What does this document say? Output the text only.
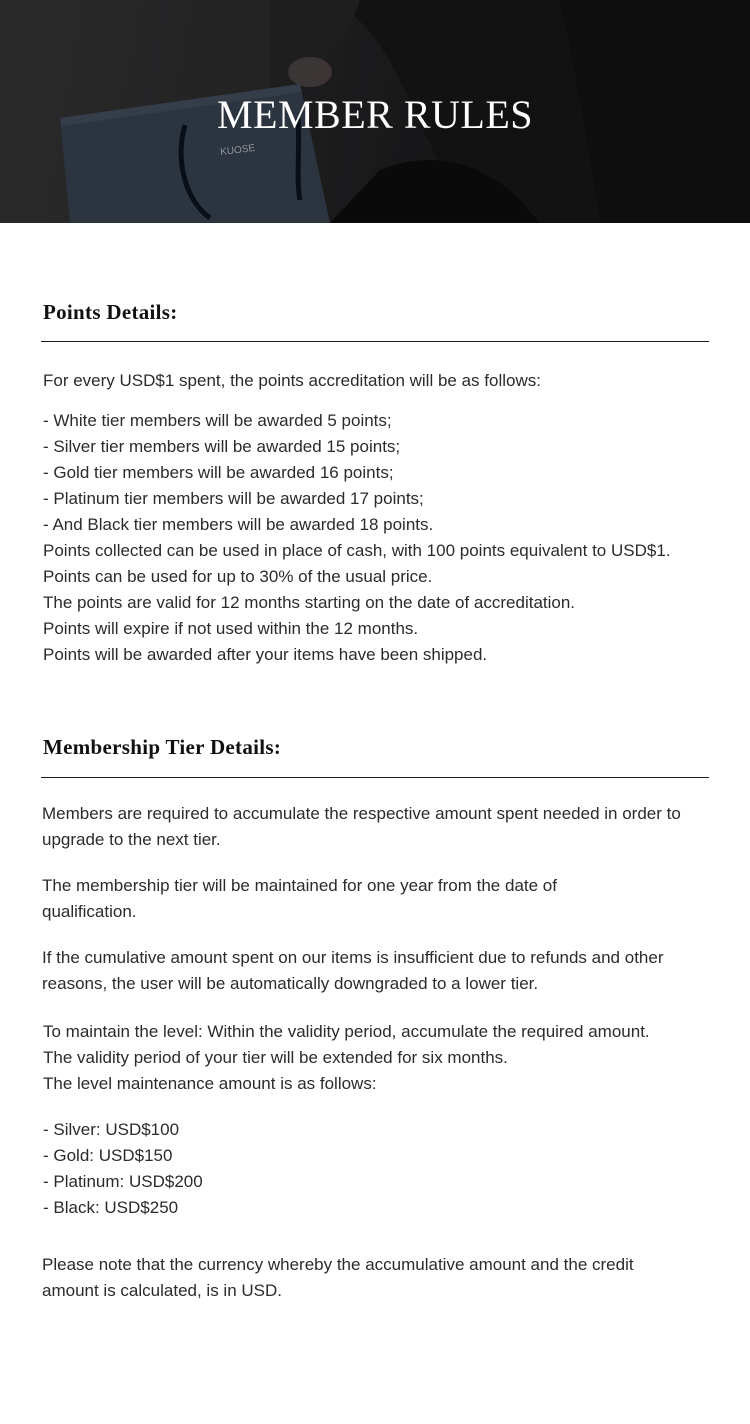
KUOSE
MEMBER RULES
Points Details:

For every USD$1 spent, the points accreditation will be as follows:

- White tier members will be awarded 5 points;
- Silver tier members will be awarded 15 points;
- Gold tier members will be awarded 16 points;
- Platinum tier members will be awarded 17 points;
- And Black tier members will be awarded 18 points.
Points collected can be used in place of cash, with 100 points equivalent to USD$1.
Points can be used for up to 30% of the usual price.
The points are valid for 12 months starting on the date of accreditation.
Points will expire if not used within the 12 months.
Points will be awarded after your items have been shipped.
Membership Tier Details:

Members are required to accumulate the respective amount spent needed in order to upgrade to the next tier.

The membership tier will be maintained for one year from the date of qualification.

If the cumulative amount spent on our items is insufficient due to refunds and other reasons, the user will be automatically downgraded to a lower tier.

To maintain the level: Within the validity period, accumulate the required amount.
The validity period of your tier will be extended for six months.
The level maintenance amount is as follows:
- Silver: USD$100
- Gold: USD$150
- Platinum: USD$200
- Black: USD$250

Please note that the currency whereby the accumulative amount and the credit amount is calculated, is in USD.
